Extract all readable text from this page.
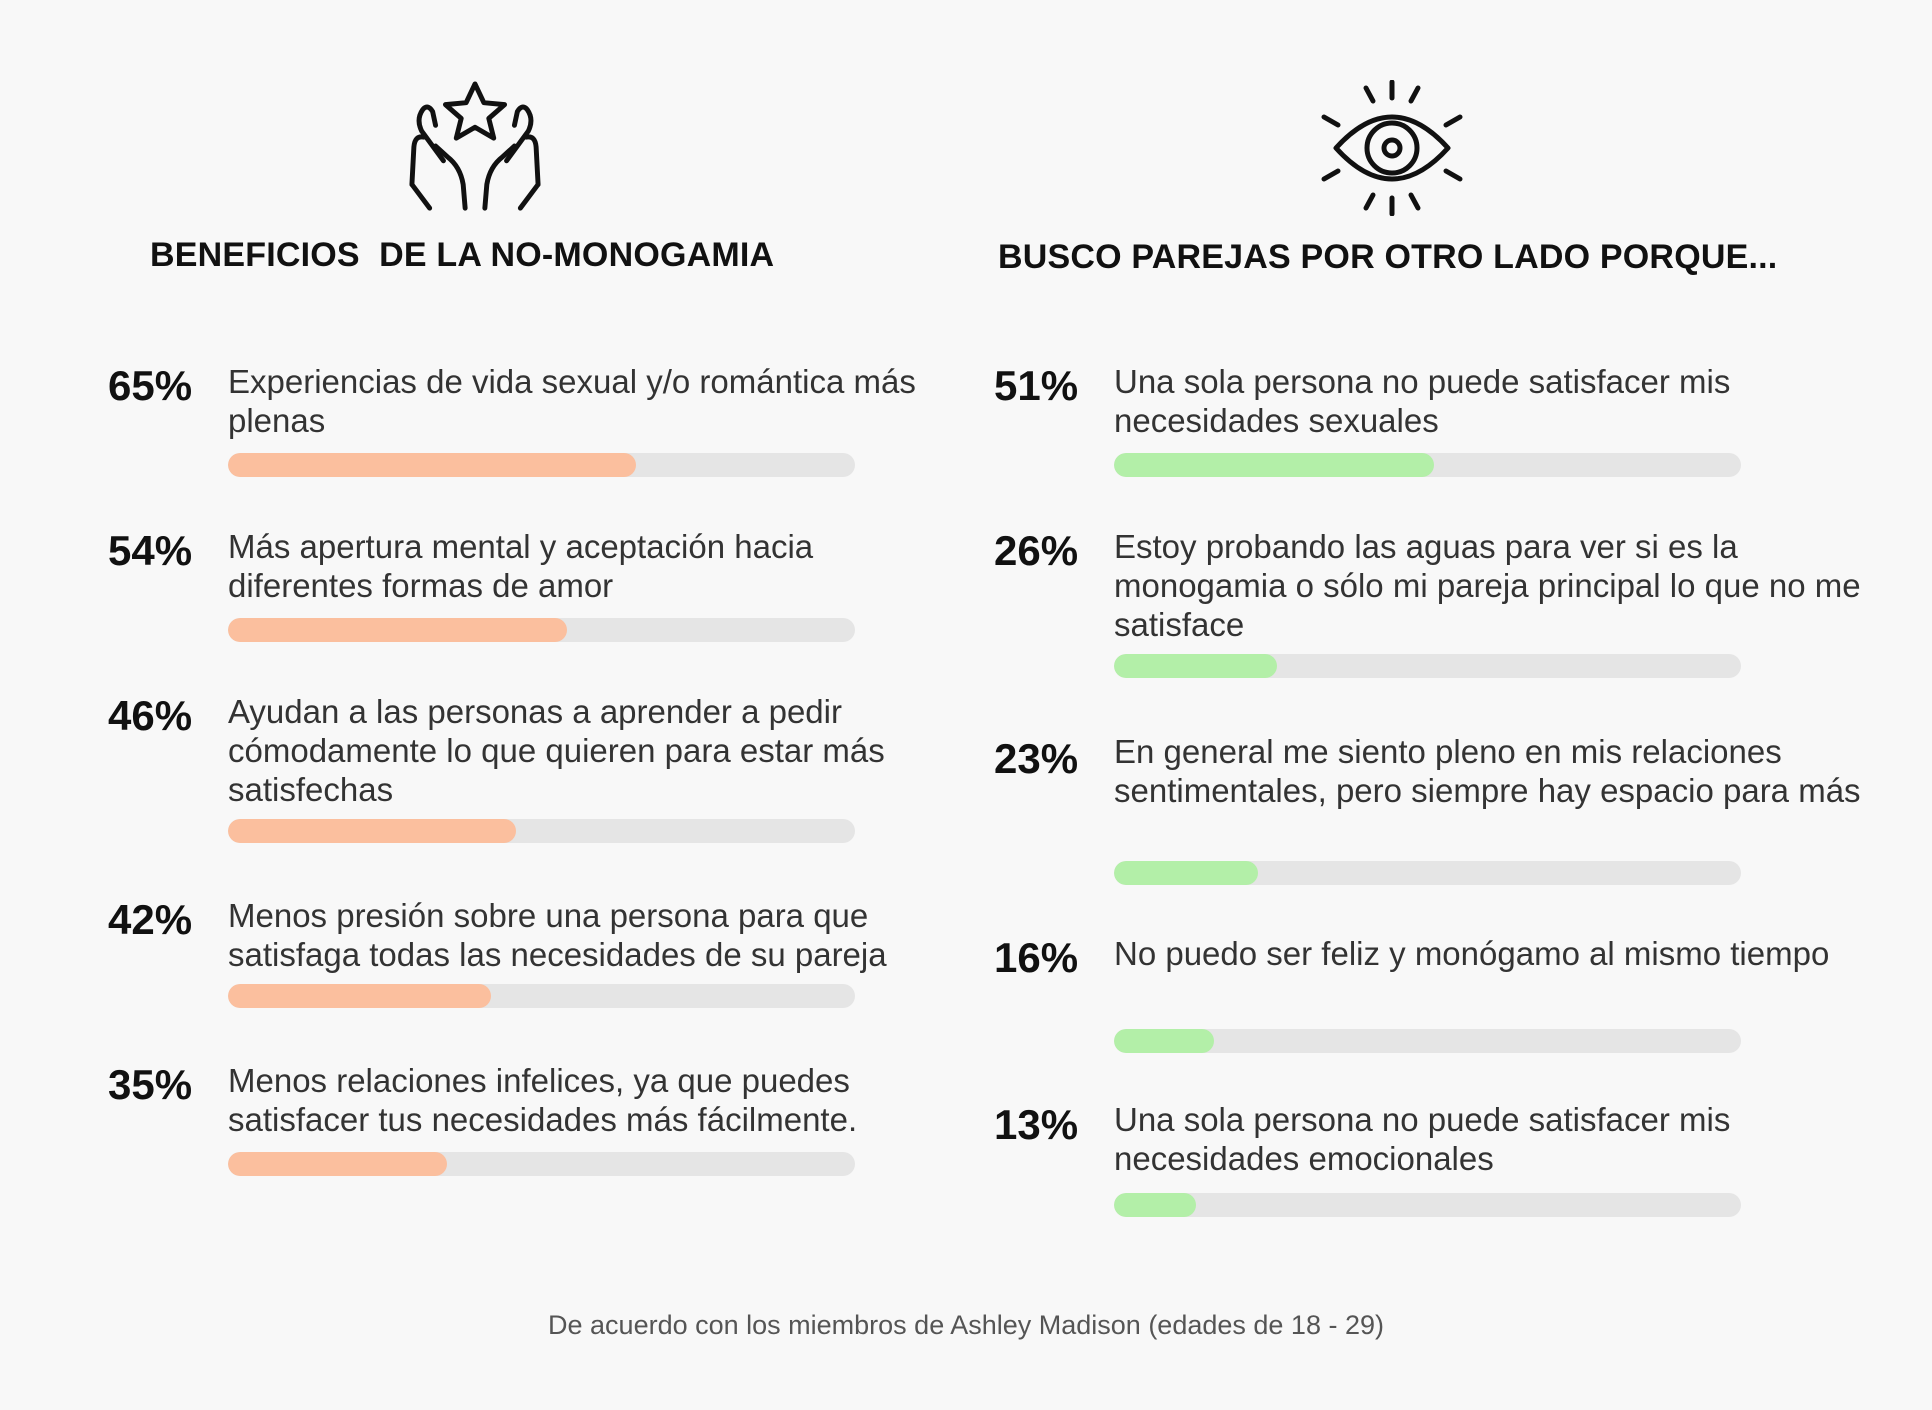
BENEFICIOS  DE LA NO-MONOGAMIA
65%	Experiencias de vida sexual y/o romántica más plenas
54%	Más apertura mental y aceptación hacia diferentes formas de amor
46%	Ayudan a las personas a aprender a pedir cómodamente lo que quieren para estar más satisfechas
42%	Menos presión sobre una persona para que satisfaga todas las necesidades de su pareja
35%	Menos relaciones infelices, ya que puedes satisfacer tus necesidades más fácilmente.
BUSCO PAREJAS POR OTRO LADO PORQUE...
51%	Una sola persona no puede satisfacer mis necesidades sexuales
26%	Estoy probando las aguas para ver si es la monogamia o sólo mi pareja principal lo que no me satisface
23%	En general me siento pleno en mis relaciones sentimentales, pero siempre hay espacio para más
16%	No puedo ser feliz y monógamo al mismo tiempo
13%	Una sola persona no puede satisfacer mis necesidades emocionales
De acuerdo con los miembros de Ashley Madison (edades de 18 - 29)
